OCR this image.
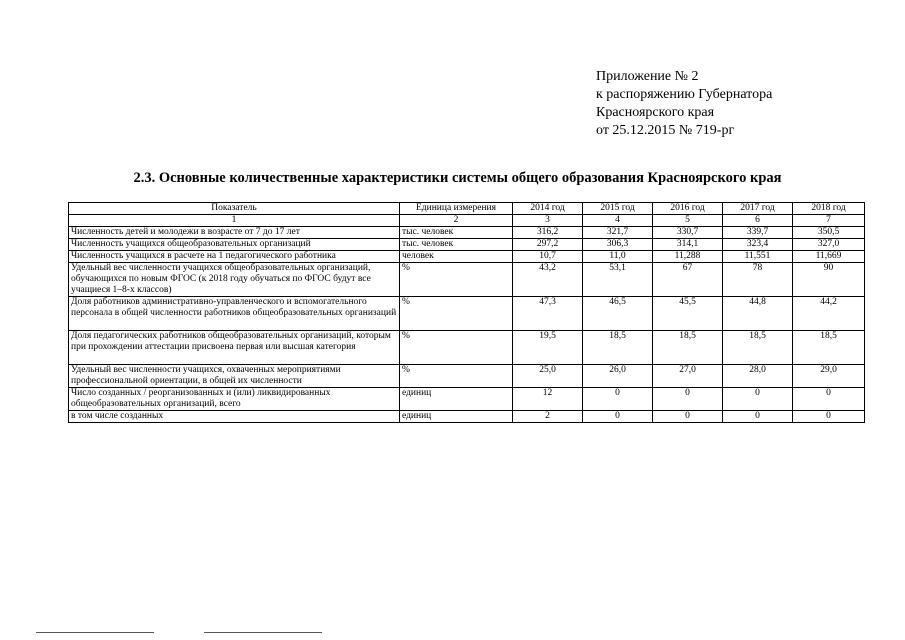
Приложение № 2
к распоряжению Губернатора
Красноярского края
от 25.12.2015 № 719-рг
2.3. Основные количественные характеристики системы общего образования Красноярского края
Показатель	Единица измерения	2014 год	2015 год	2016 год	2017 год	2018 год
1	2	3	4	5	6	7
Численность детей и молодежи в возрасте от 7 до 17 лет	тыс. человек	316,2	321,7	330,7	339,7	350,5
Численность учащихся общеобразовательных организаций	тыс. человек	297,2	306,3	314,1	323,4	327,0
Численность учащихся в расчете на 1 педагогического работника	человек	10,7	11,0	11,288	11,551	11,669
Удельный вес численности учащихся общеобразовательных организаций, обучающихся по новым ФГОС (к 2018 году обучаться по ФГОС будут все учащиеся 1–8-х классов)	%	43,2	53,1	67	78	90
Доля работников административно-управленческого и вспомогательного персонала в общей численности работников общеобразовательных организаций	%	47,3	46,5	45,5	44,8	44,2
Доля педагогических работников общеобразовательных организаций, которым при прохождении аттестации присвоена первая или высшая категория	%	19,5	18,5	18,5	18,5	18,5
Удельный вес численности учащихся, охваченных мероприятиями профессиональной ориентации, в общей их численности	%	25,0	26,0	27,0	28,0	29,0
Число созданных / реорганизованных и (или) ликвидированных общеобразовательных организаций, всего	единиц	12	0	0	0	0
в том числе созданных	единиц	2	0	0	0	0
